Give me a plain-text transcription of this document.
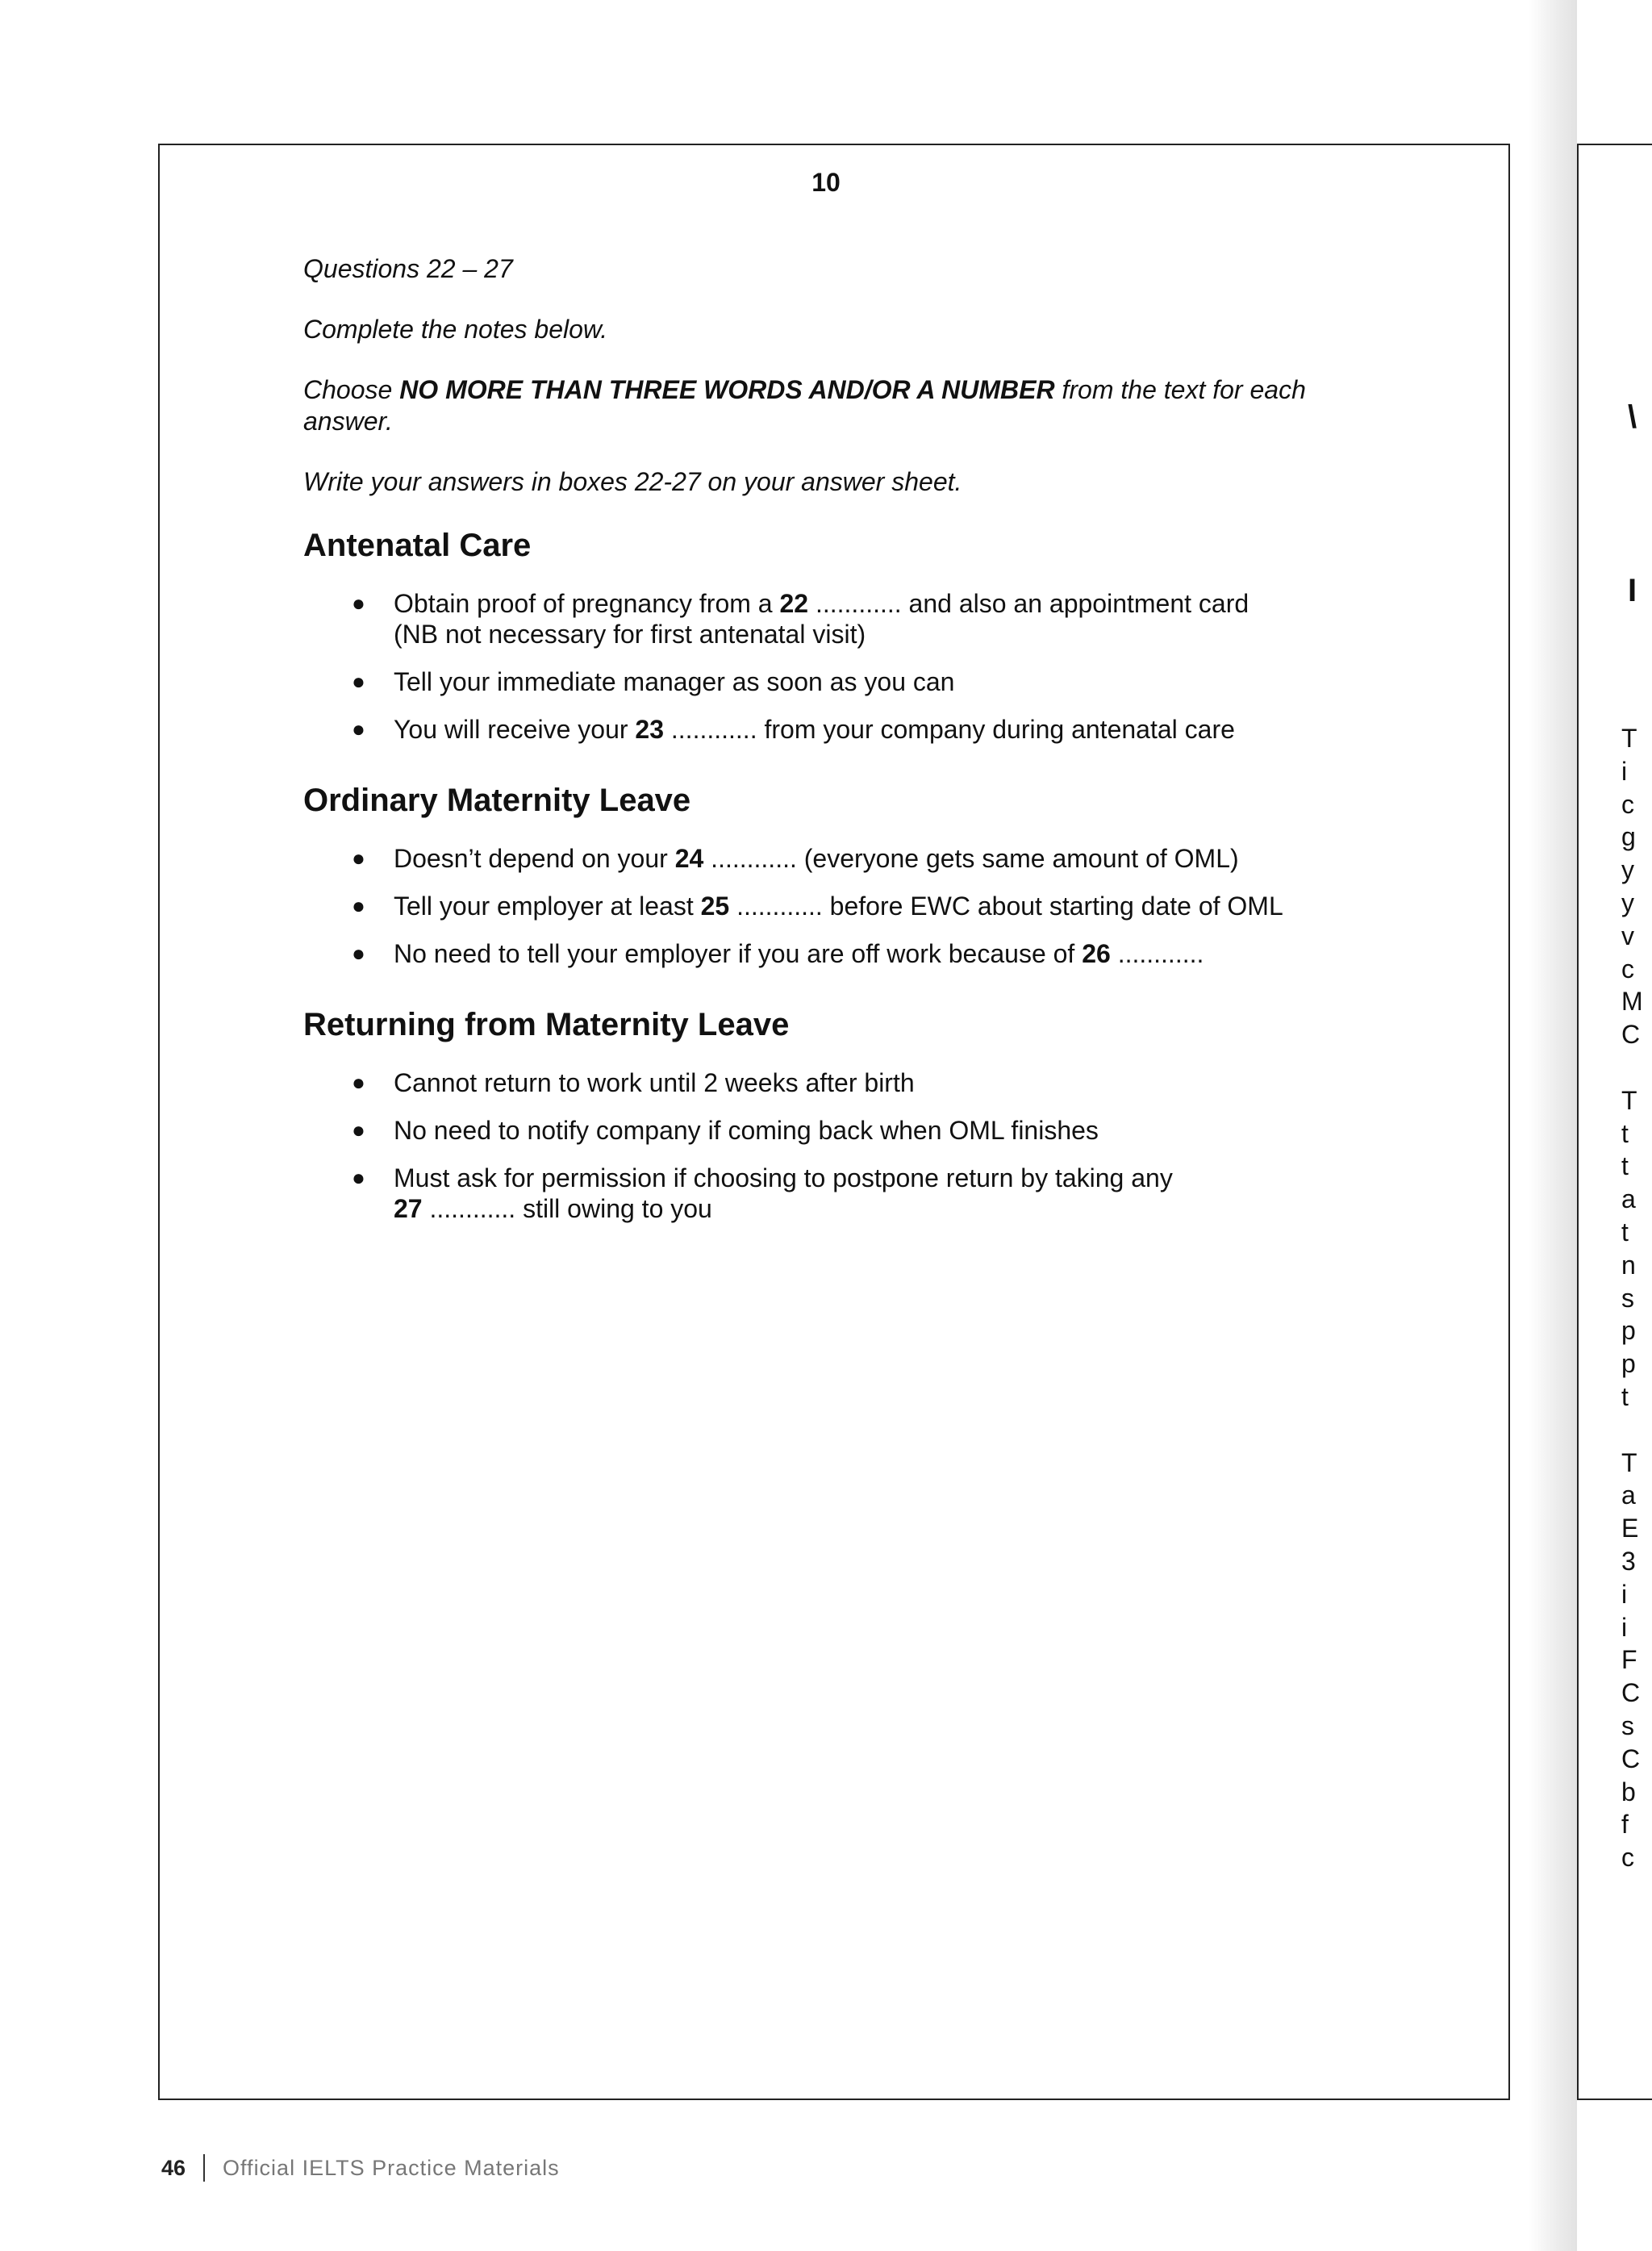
10

Questions 22 – 27

Complete the notes below.

Choose NO MORE THAN THREE WORDS AND/OR A NUMBER from the text for each answer.

Write your answers in boxes 22-27 on your answer sheet.

Antenatal Care
● Obtain proof of pregnancy from a 22 ............ and also an appointment card
(NB not necessary for first antenatal visit)
● Tell your immediate manager as soon as you can
● You will receive your 23 ............ from your company during antenatal care
Ordinary Maternity Leave
● Doesn’t depend on your 24 ............ (everyone gets same amount of OML)
● Tell your employer at least 25 ............ before EWC about starting date of OML
● No need to tell your employer if you are off work because of 26 ............
Returning from Maternity Leave
● Cannot return to work until 2 weeks after birth
● No need to notify company if coming back when OML finishes
● Must ask for permission if choosing to postpone return by taking any
27 ............ still owing to you
46 Official IELTS Practice Materials
\
I
T
i
c
g
y
y
v
c
M
C

T
t
t
a
t
n
s
p
p
t

T
a
E
3
i
i
F
C
s
C
b
f
c
